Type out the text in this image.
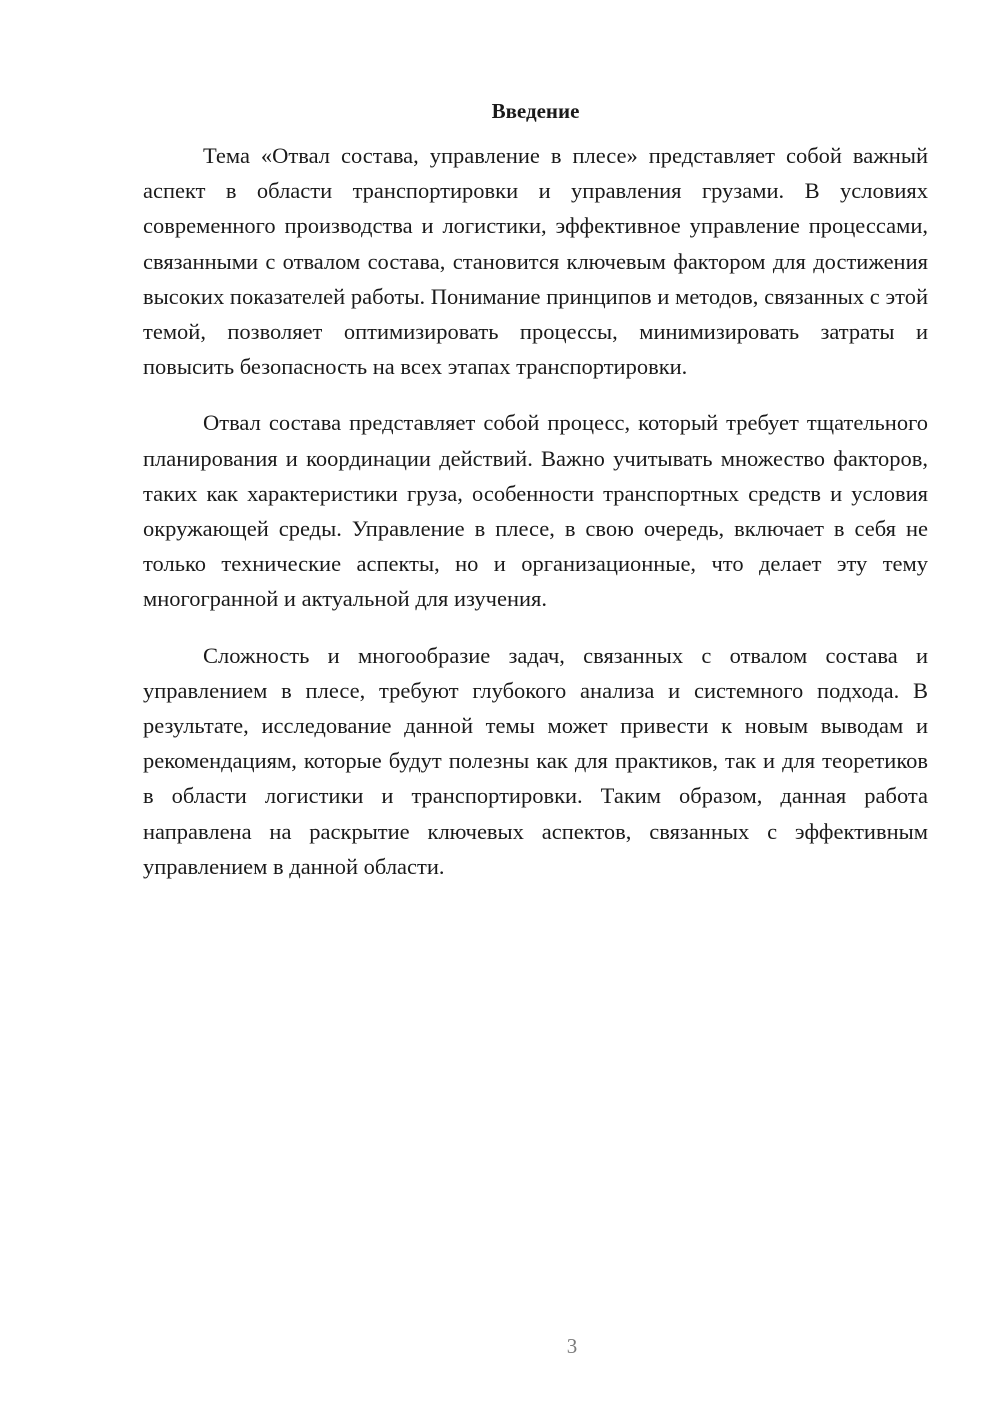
Введение

Тема «Отвал состава, управление в плесе» представляет собой важный аспект в области транспортировки и управления грузами. В условиях современного производства и логистики, эффективное управление процессами, связанными с отвалом состава, становится ключевым фактором для достижения высоких показателей работы. Понимание принципов и методов, связанных с этой темой, позволяет оптимизировать процессы, минимизировать затраты и повысить безопасность на всех этапах транспортировки.

Отвал состава представляет собой процесс, который требует тщательного планирования и координации действий. Важно учитывать множество факторов, таких как характеристики груза, особенности транспортных средств и условия окружающей среды. Управление в плесе, в свою очередь, включает в себя не только технические аспекты, но и организационные, что делает эту тему многогранной и актуальной для изучения.

Сложность и многообразие задач, связанных с отвалом состава и управлением в плесе, требуют глубокого анализа и системного подхода. В результате, исследование данной темы может привести к новым выводам и рекомендациям, которые будут полезны как для практиков, так и для теоретиков в области логистики и транспортировки. Таким образом, данная работа направлена на раскрытие ключевых аспектов, связанных с эффективным управлением в данной области.

3
